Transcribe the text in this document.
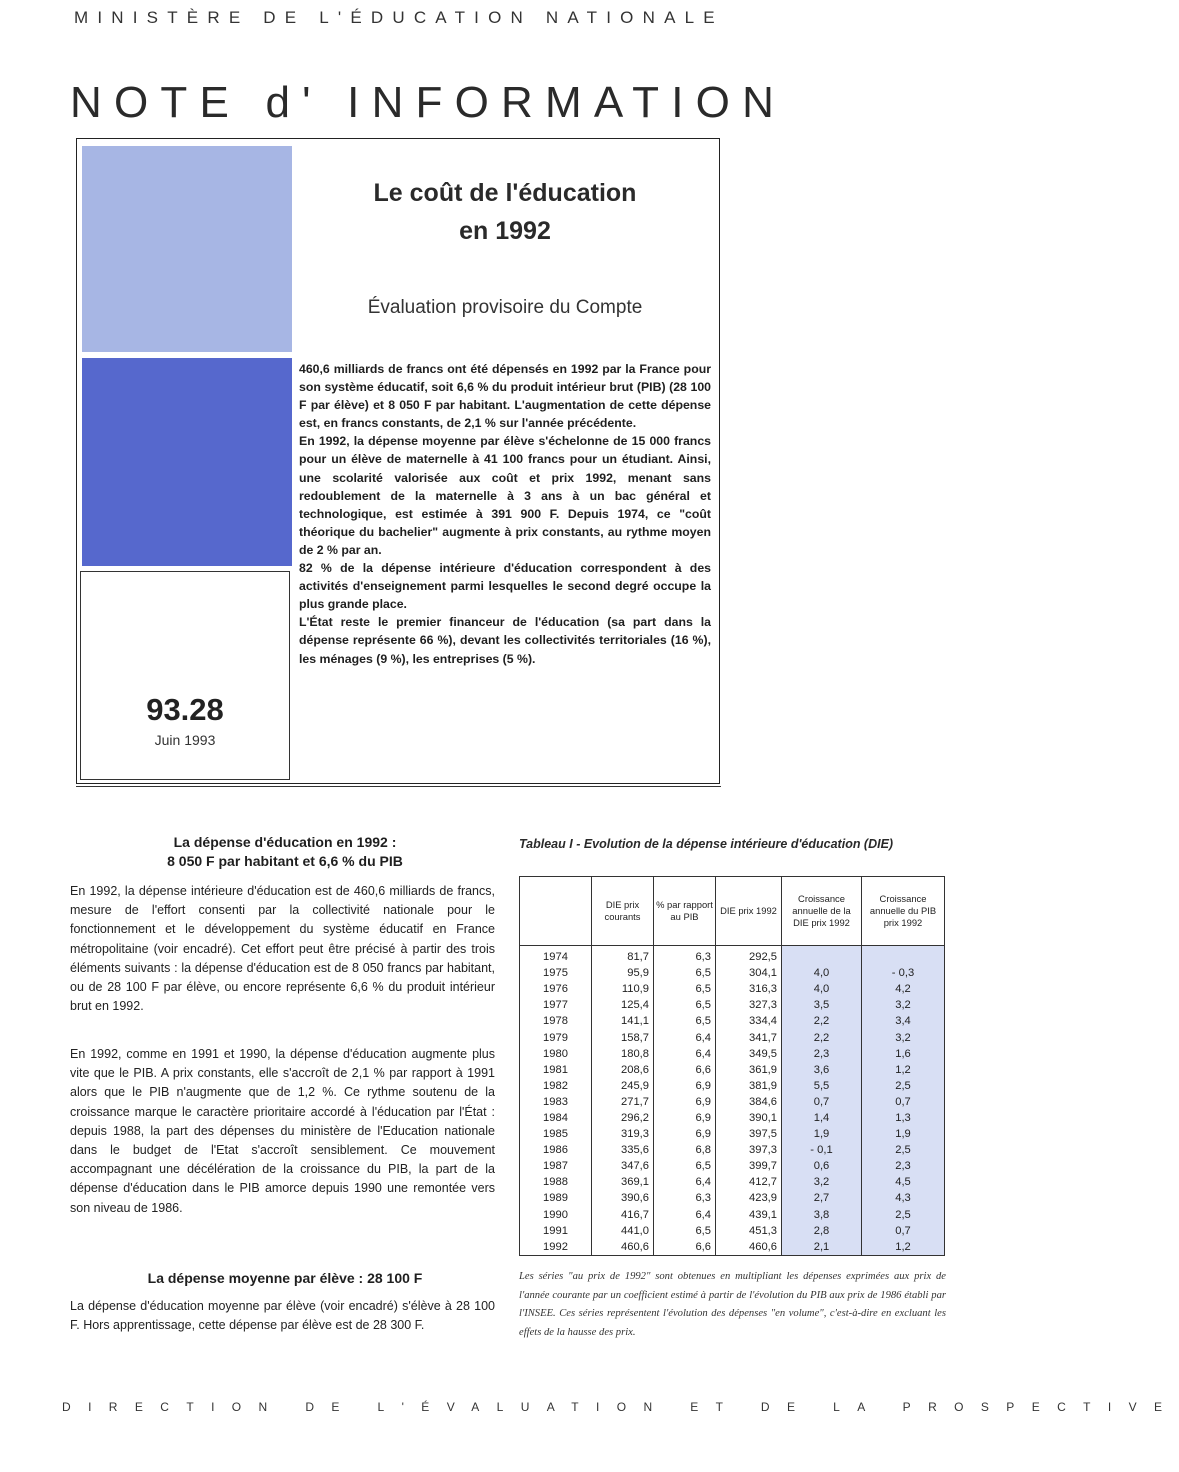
MINISTÈRE DE L'ÉDUCATION NATIONALE
NOTE d' INFORMATION
93.28
Juin 1993
Le coût de l'éducation
en 1992
Évaluation provisoire du Compte

460,6 milliards de francs ont été dépensés en 1992 par la France pour son système éducatif, soit 6,6 % du produit intérieur brut (PIB) (28 100 F par élève) et 8 050 F par habitant. L'augmentation de cette dépense est, en francs constants, de 2,1 % sur l'année précédente.

En 1992, la dépense moyenne par élève s'échelonne de 15 000 francs pour un élève de maternelle à 41 100 francs pour un étudiant. Ainsi, une scolarité valorisée aux coût et prix 1992, menant sans redoublement de la maternelle à 3 ans à un bac général et technologique, est estimée à 391 900 F. Depuis 1974, ce "coût théorique du bachelier" augmente à prix constants, au rythme moyen de 2 % par an.

82 % de la dépense intérieure d'éducation correspondent à des activités d'enseignement parmi lesquelles le second degré occupe la plus grande place.

L'État reste le premier financeur de l'éducation (sa part dans la dépense représente 66 %), devant les collectivités territoriales (16 %), les ménages (9 %), les entreprises (5 %).

La dépense d'éducation en 1992 :
8 050 F par habitant et 6,6 % du PIB

En 1992, la dépense intérieure d'éducation est de 460,6 milliards de francs, mesure de l'effort consenti par la collectivité nationale pour le fonctionnement et le développement du système éducatif en France métropolitaine (voir encadré). Cet effort peut être précisé à partir des trois éléments suivants : la dépense d'éducation est de 8 050 francs par habitant, ou de 28 100 F par élève, ou encore représente 6,6 % du produit intérieur brut en 1992.

En 1992, comme en 1991 et 1990, la dépense d'éducation augmente plus vite que le PIB. A prix constants, elle s'accroît de 2,1 % par rapport à 1991 alors que le PIB n'augmente que de 1,2 %. Ce rythme soutenu de la croissance marque le caractère prioritaire accordé à l'éducation par l'État : depuis 1988, la part des dépenses du ministère de l'Education nationale dans le budget de l'Etat s'accroît sensiblement. Ce mouvement accompagnant une décélération de la croissance du PIB, la part de la dépense d'éducation dans le PIB amorce depuis 1990 une remontée vers son niveau de 1986.

La dépense moyenne par élève : 28 100 F

La dépense d'éducation moyenne par élève (voir encadré) s'élève à 28 100 F. Hors apprentissage, cette dépense par élève est de 28 300 F.

Tableau I - Evolution de la dépense intérieure d'éducation (DIE)
	DIE prix courants	% par rapport au PIB	DIE prix 1992	Croissance annuelle de la DIE prix 1992	Croissance annuelle du PIB prix 1992
1974	81,7	6,3	292,5		
1975	95,9	6,5	304,1	4,0	- 0,3
1976	110,9	6,5	316,3	4,0	4,2
1977	125,4	6,5	327,3	3,5	3,2
1978	141,1	6,5	334,4	2,2	3,4
1979	158,7	6,4	341,7	2,2	3,2
1980	180,8	6,4	349,5	2,3	1,6
1981	208,6	6,6	361,9	3,6	1,2
1982	245,9	6,9	381,9	5,5	2,5
1983	271,7	6,9	384,6	0,7	0,7
1984	296,2	6,9	390,1	1,4	1,3
1985	319,3	6,9	397,5	1,9	1,9
1986	335,6	6,8	397,3	- 0,1	2,5
1987	347,6	6,5	399,7	0,6	2,3
1988	369,1	6,4	412,7	3,2	4,5
1989	390,6	6,3	423,9	2,7	4,3
1990	416,7	6,4	439,1	3,8	2,5
1991	441,0	6,5	451,3	2,8	0,7
1992	460,6	6,6	460,6	2,1	1,2
Les séries "au prix de 1992" sont obtenues en multipliant les dépenses exprimées aux prix de l'année courante par un coefficient estimé à partir de l'évolution du PIB aux prix de 1986 établi par l'INSEE. Ces séries représentent l'évolution des dépenses "en volume", c'est-à-dire en excluant les effets de la hausse des prix.
DIRECTION DE L'ÉVALUATION ET DE LA PROSPECTIVE
